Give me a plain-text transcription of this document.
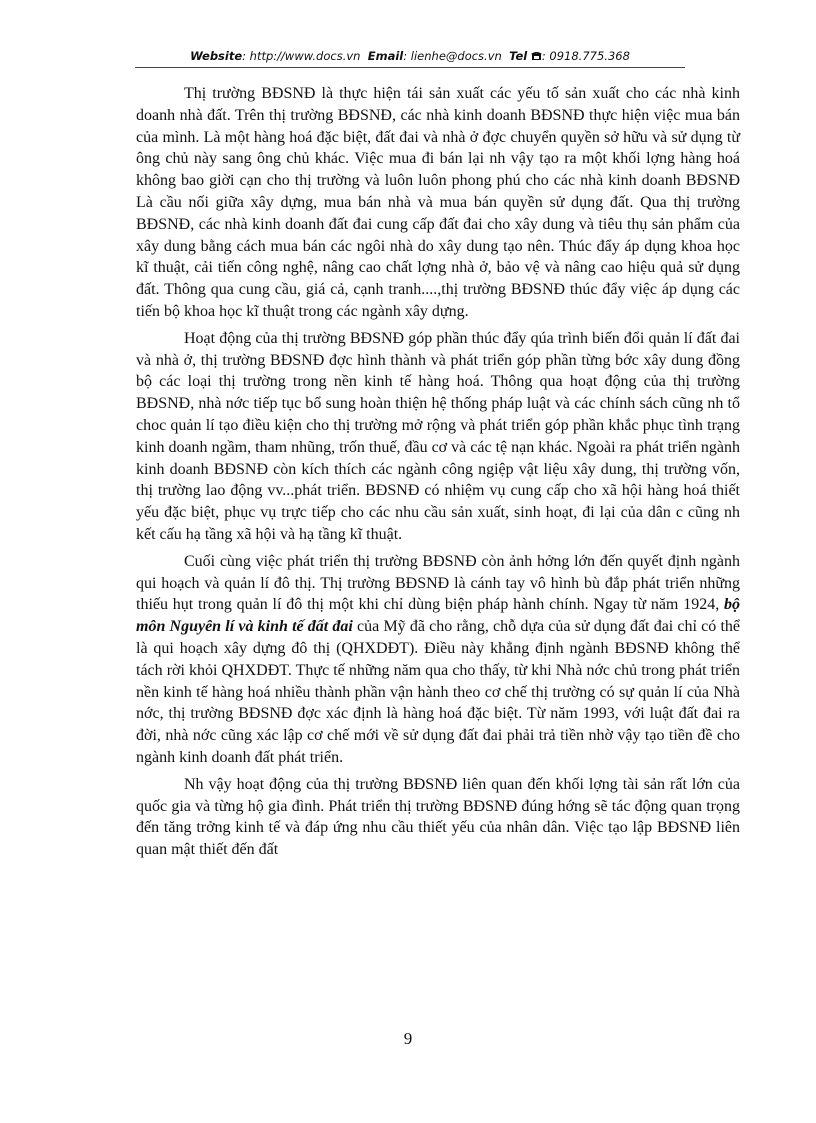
Website: http://www.docs.vn Email: lienhe@docs.vn Tel : 0918.775.368

Thị trường BĐSNĐ là thực hiện tái sản xuất các yếu tố sản xuất cho các nhà kinh doanh nhà đất. Trên thị trường BĐSNĐ, các nhà kinh doanh BĐSNĐ thực hiện việc mua bán của mình. Là một hàng hoá đặc biệt, đất đai và nhà ở đợc chuyển quyền sở hữu và sử dụng từ ông chủ này sang ông chủ khác. Việc mua đi bán lại nh vậy tạo ra một khối lợng hàng hoá không bao giời cạn cho thị trường và luôn luôn phong phú cho các nhà kinh doanh BĐSNĐ Là cầu nối giữa xây dựng, mua bán nhà và mua bán quyền sử dụng đất. Qua thị trường BĐSNĐ, các nhà kinh doanh đất đai cung cấp đất đai cho xây dung và tiêu thụ sản phẩm của xây dung bằng cách mua bán các ngôi nhà do xây dung tạo nên. Thúc đẩy áp dụng khoa học kĩ thuật, cải tiến công nghệ, nâng cao chất lợng nhà ở, bảo vệ và nâng cao hiệu quả sử dụng đất. Thông qua cung cầu, giá cả, cạnh tranh....,thị trường BĐSNĐ thúc đẩy việc áp dụng các tiến bộ khoa học kĩ thuật trong các ngành xây dựng.

Hoạt động của thị trường BĐSNĐ góp phần thúc đẩy qúa trình biến đổi quản lí đất đai và nhà ở, thị trường BĐSNĐ đợc hình thành và phát triển góp phần từng bớc xây dung đồng bộ các loại thị trường trong nền kinh tế hàng hoá. Thông qua hoạt động của thị trường BĐSNĐ, nhà nớc tiếp tục bổ sung hoàn thiện hệ thống pháp luật và các chính sách cũng nh tổ choc quản lí tạo điều kiện cho thị trường mở rộng và phát triển góp phần khắc phục tình trạng kinh doanh ngầm, tham nhũng, trốn thuế, đầu cơ và các tệ nạn khác. Ngoài ra phát triển ngành kinh doanh BĐSNĐ còn kích thích các ngành công ngiệp vật liệu xây dung, thị trường vốn, thị trường lao động vv...phát triển. BĐSNĐ có nhiệm vụ cung cấp cho xã hội hàng hoá thiết yếu đặc biệt, phục vụ trực tiếp cho các nhu cầu sản xuất, sinh hoạt, đi lại của dân c cũng nh kết cấu hạ tầng xã hội và hạ tầng kĩ thuật.

Cuối cùng việc phát triển thị trường BĐSNĐ còn ảnh hởng lớn đến quyết định ngành qui hoạch và quản lí đô thị. Thị trường BĐSNĐ là cánh tay vô hình bù đắp phát triển những thiếu hụt trong quản lí đô thị một khi chỉ dùng biện pháp hành chính. Ngay từ năm 1924, bộ môn Nguyên lí và kinh tế đất đai của Mỹ đã cho rằng, chỗ dựa của sử dụng đất đai chỉ có thể là qui hoạch xây dựng đô thị (QHXDĐT). Điều này khẳng định ngành BĐSNĐ không thể tách rời khỏi QHXDĐT. Thực tế những năm qua cho thấy, từ khi Nhà nớc chủ trong phát triển nền kinh tế hàng hoá nhiều thành phần vận hành theo cơ chế thị trường có sự quản lí của Nhà nớc, thị trường BĐSNĐ đợc xác định là hàng hoá đặc biệt. Từ năm 1993, với luật đất đai ra đời, nhà nớc cũng xác lập cơ chế mới về sử dụng đất đai phải trả tiền nhờ vậy tạo tiền đề cho ngành kinh doanh đất phát triển.

Nh vậy hoạt động của thị trường BĐSNĐ liên quan đến khối lợng tài sản rất lớn của quốc gia và từng hộ gia đình. Phát triển thị trường BĐSNĐ đúng hớng sẽ tác động quan trọng đến tăng trởng kinh tế và đáp ứng nhu cầu thiết yếu của nhân dân. Việc tạo lập BĐSNĐ liên quan mật thiết đến đất

9
